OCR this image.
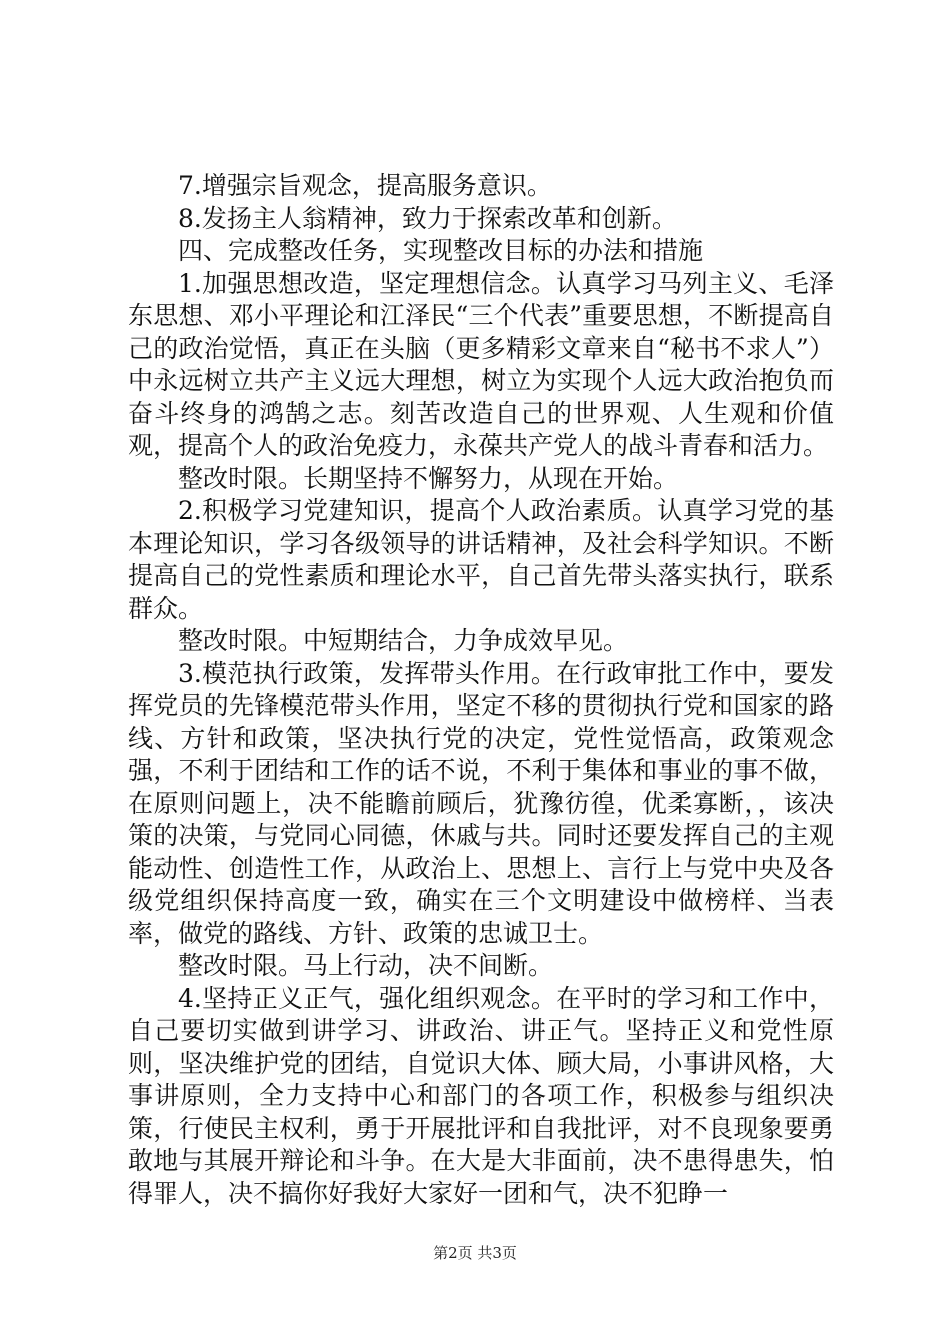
7.增强宗旨观念，提高服务意识。

8.发扬主人翁精神，致力于探索改革和创新。

四、完成整改任务，实现整改目标的办法和措施

1.加强思想改造，坚定理想信念。认真学习马列主义、毛泽东思想、邓小平理论和江泽民“三个代表”重要思想，不断提高自己的政治觉悟，真正在头脑（更多精彩文章来自“秘书不求人”）中永远树立共产主义远大理想，树立为实现个人远大政治抱负而奋斗终身的鸿鹄之志。刻苦改造自己的世界观、人生观和价值观，提高个人的政治免疫力，永葆共产党人的战斗青春和活力。

整改时限。长期坚持不懈努力，从现在开始。

2.积极学习党建知识，提高个人政治素质。认真学习党的基本理论知识，学习各级领导的讲话精神，及社会科学知识。不断提高自己的党性素质和理论水平，自己首先带头落实执行，联系群众。

整改时限。中短期结合，力争成效早见。

3.模范执行政策，发挥带头作用。在行政审批工作中，要发挥党员的先锋模范带头作用，坚定不移的贯彻执行党和国家的路线、方针和政策，坚决执行党的决定，党性觉悟高，政策观念强，不利于团结和工作的话不说，不利于集体和事业的事不做，在原则问题上，决不能瞻前顾后，犹豫彷徨，优柔寡断，，该决策的决策，与党同心同德，休戚与共。同时还要发挥自己的主观能动性、创造性工作，从政治上、思想上、言行上与党中央及各级党组织保持高度一致，确实在三个文明建设中做榜样、当表率，做党的路线、方针、政策的忠诚卫士。

整改时限。马上行动，决不间断。

4.坚持正义正气，强化组织观念。在平时的学习和工作中，自己要切实做到讲学习、讲政治、讲正气。坚持正义和党性原则，坚决维护党的团结，自觉识大体、顾大局，小事讲风格，大事讲原则，全力支持中心和部门的各项工作，积极参与组织决策，行使民主权利，勇于开展批评和自我批评，对不良现象要勇敢地与其展开辩论和斗争。在大是大非面前，决不患得患失，怕得罪人，决不搞你好我好大家好一团和气，决不犯睁一

第2页 共3页
